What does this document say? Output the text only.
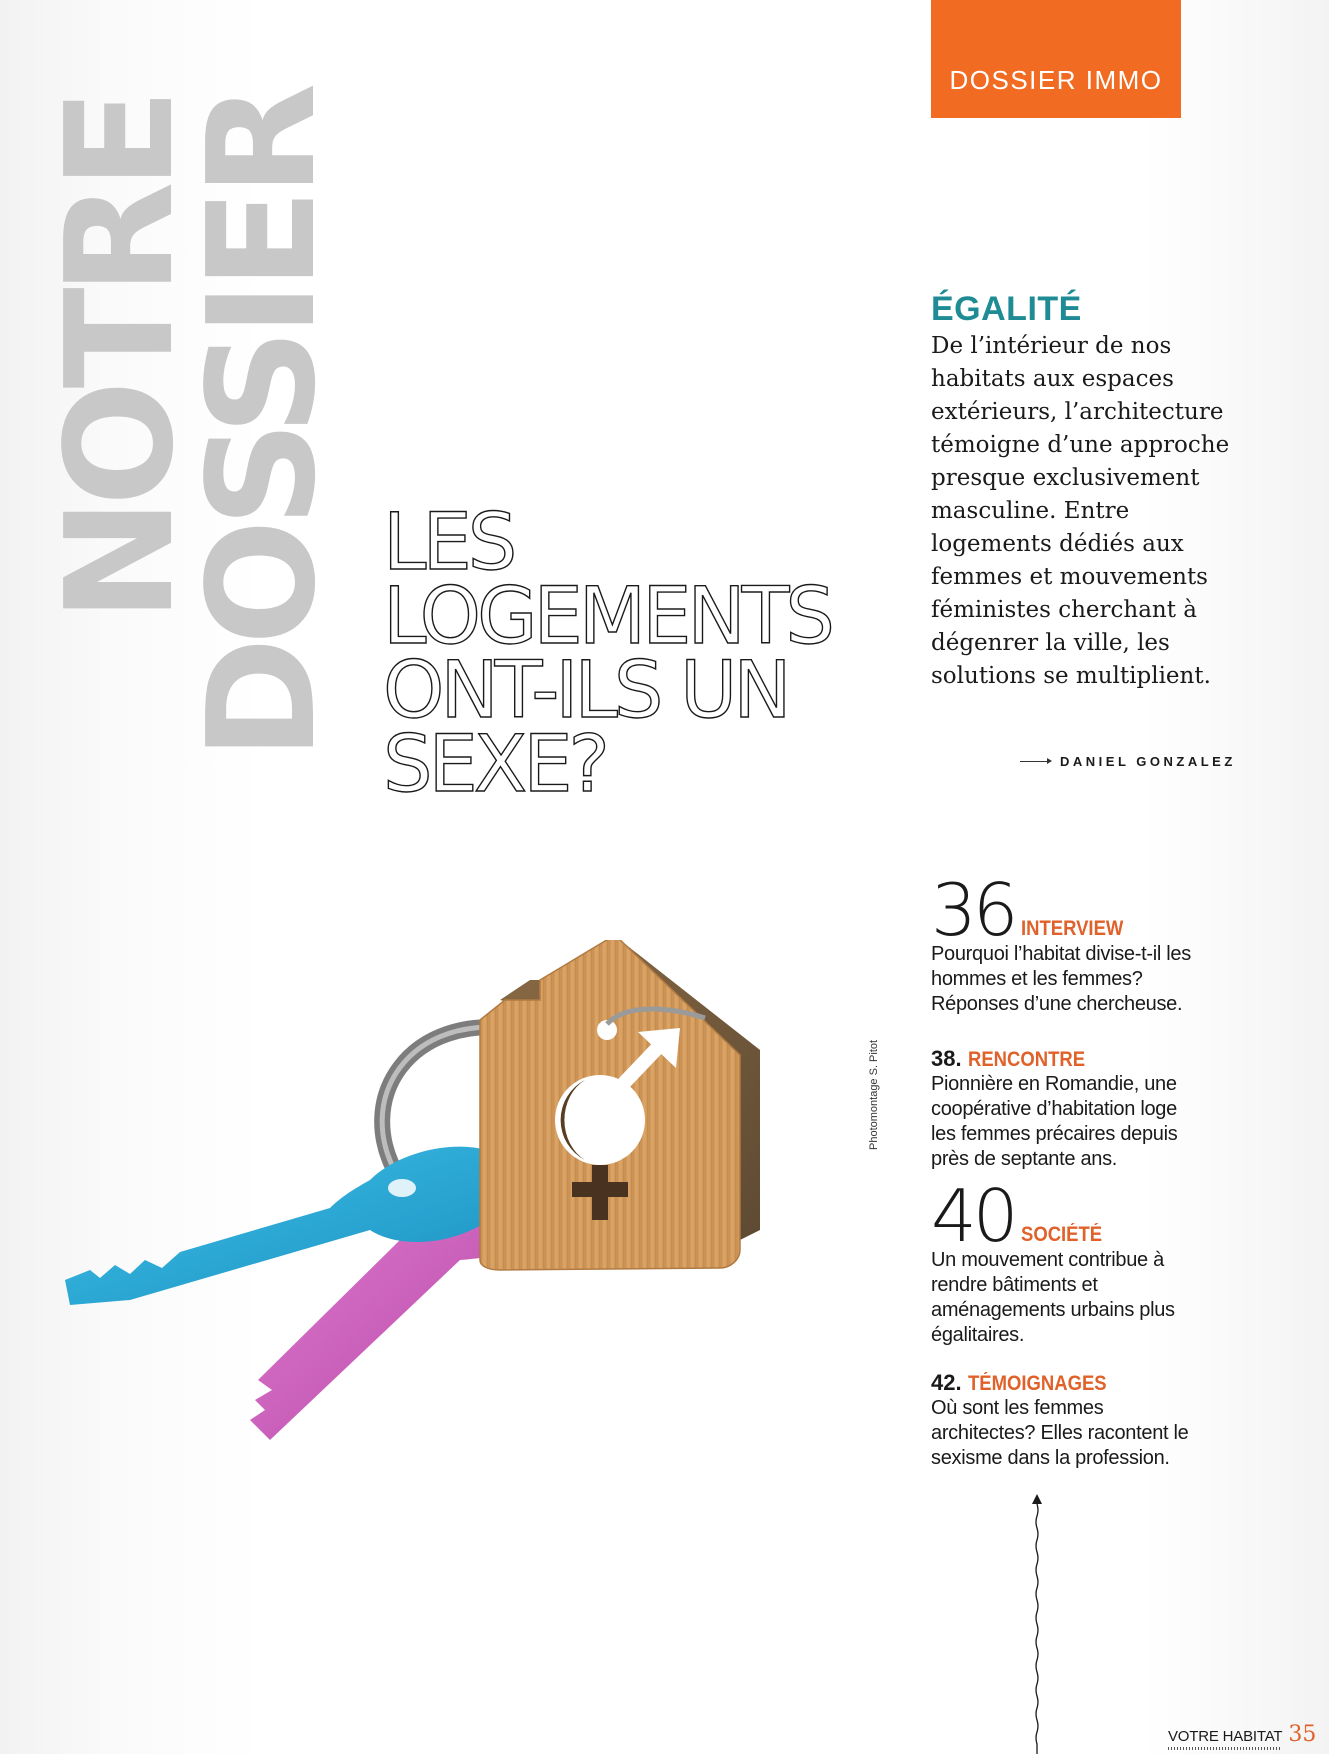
NOTRE
DOSSIER
DOSSIER IMMO
LES
LOGEMENTS
ONT-ILS UN
SEXE?
ÉGALITÉ
De l’intérieur de nos habitats aux espaces extérieurs, l’architecture témoigne d’une approche presque exclusivement masculine. Entre logements dédiés aux femmes et mouvements féministes cherchant à dégenrer la ville, les solutions se multiplient.
DANIEL GONZALEZ
36 INTERVIEW
Pourquoi l’habitat divise-t-il les hommes et les femmes? Réponses d’une chercheuse.
38. RENCONTRE
Pionnière en Romandie, une coopérative d’habitation loge les femmes précaires depuis près de septante ans.
40 SOCIÉTÉ
Un mouvement contribue à rendre bâtiments et aménagements urbains plus égalitaires.
42. TÉMOIGNAGES
Où sont les femmes architectes? Elles racontent le sexisme dans la profession.
Photomontage S. Pitot
VOTRE HABITAT 35
